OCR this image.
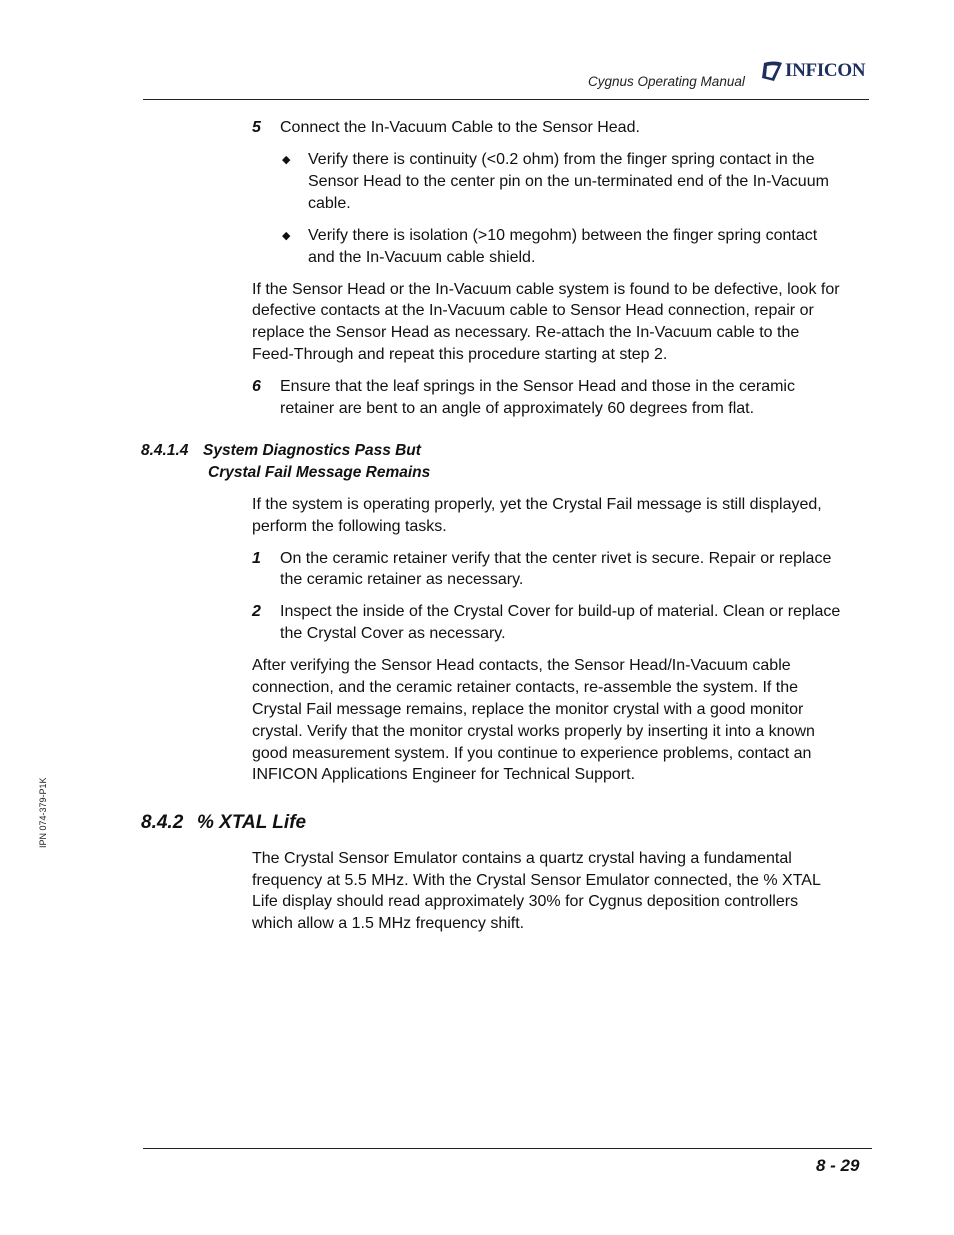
Cygnus Operating Manual
INFICON
5 Connect the In-Vacuum Cable to the Sensor Head.
◆ Verify there is continuity (<0.2 ohm) from the finger spring contact in the
Sensor Head to the center pin on the un-terminated end of the In-Vacuum
cable.
◆ Verify there is isolation (>10 megohm) between the finger spring contact
and the In-Vacuum cable shield.
If the Sensor Head or the In-Vacuum cable system is found to be defective, look for
defective contacts at the In-Vacuum cable to Sensor Head connection, repair or
replace the Sensor Head as necessary. Re-attach the In-Vacuum cable to the
Feed-Through and repeat this procedure starting at step 2.
6 Ensure that the leaf springs in the Sensor Head and those in the ceramic
retainer are bent to an angle of approximately 60 degrees from flat.
8.4.1.4 System Diagnostics Pass But
Crystal Fail Message Remains
If the system is operating properly, yet the Crystal Fail message is still displayed,
perform the following tasks.
1 On the ceramic retainer verify that the center rivet is secure. Repair or replace
the ceramic retainer as necessary.
2 Inspect the inside of the Crystal Cover for build-up of material. Clean or replace
the Crystal Cover as necessary.
After verifying the Sensor Head contacts, the Sensor Head/In-Vacuum cable
connection, and the ceramic retainer contacts, re-assemble the system. If the
Crystal Fail message remains, replace the monitor crystal with a good monitor
crystal. Verify that the monitor crystal works properly by inserting it into a known
good measurement system. If you continue to experience problems, contact an
INFICON Applications Engineer for Technical Support.
8.4.2 % XTAL Life
The Crystal Sensor Emulator contains a quartz crystal having a fundamental
frequency at 5.5 MHz. With the Crystal Sensor Emulator connected, the % XTAL
Life display should read approximately 30% for Cygnus deposition controllers
which allow a 1.5 MHz frequency shift.
IPN 074-379-P1K
8 - 29
